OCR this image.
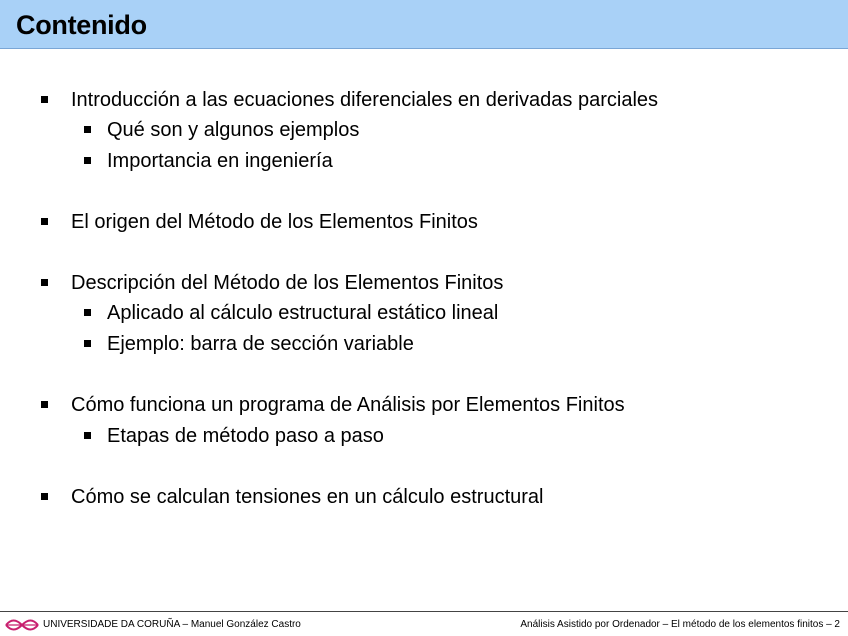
Contenido
Introducción a las ecuaciones diferenciales en derivadas parciales
Qué son y algunos ejemplos
Importancia en ingeniería
El origen del Método de los Elementos Finitos
Descripción del Método de los Elementos Finitos
Aplicado al cálculo estructural estático lineal
Ejemplo: barra de sección variable
Cómo funciona un programa de Análisis por Elementos Finitos
Etapas de método paso a paso
Cómo se calculan tensiones en un cálculo estructural
UNIVERSIDADE DA CORUÑA – Manuel González Castro	Análisis Asistido por Ordenador – El método de los elementos finitos – 2
